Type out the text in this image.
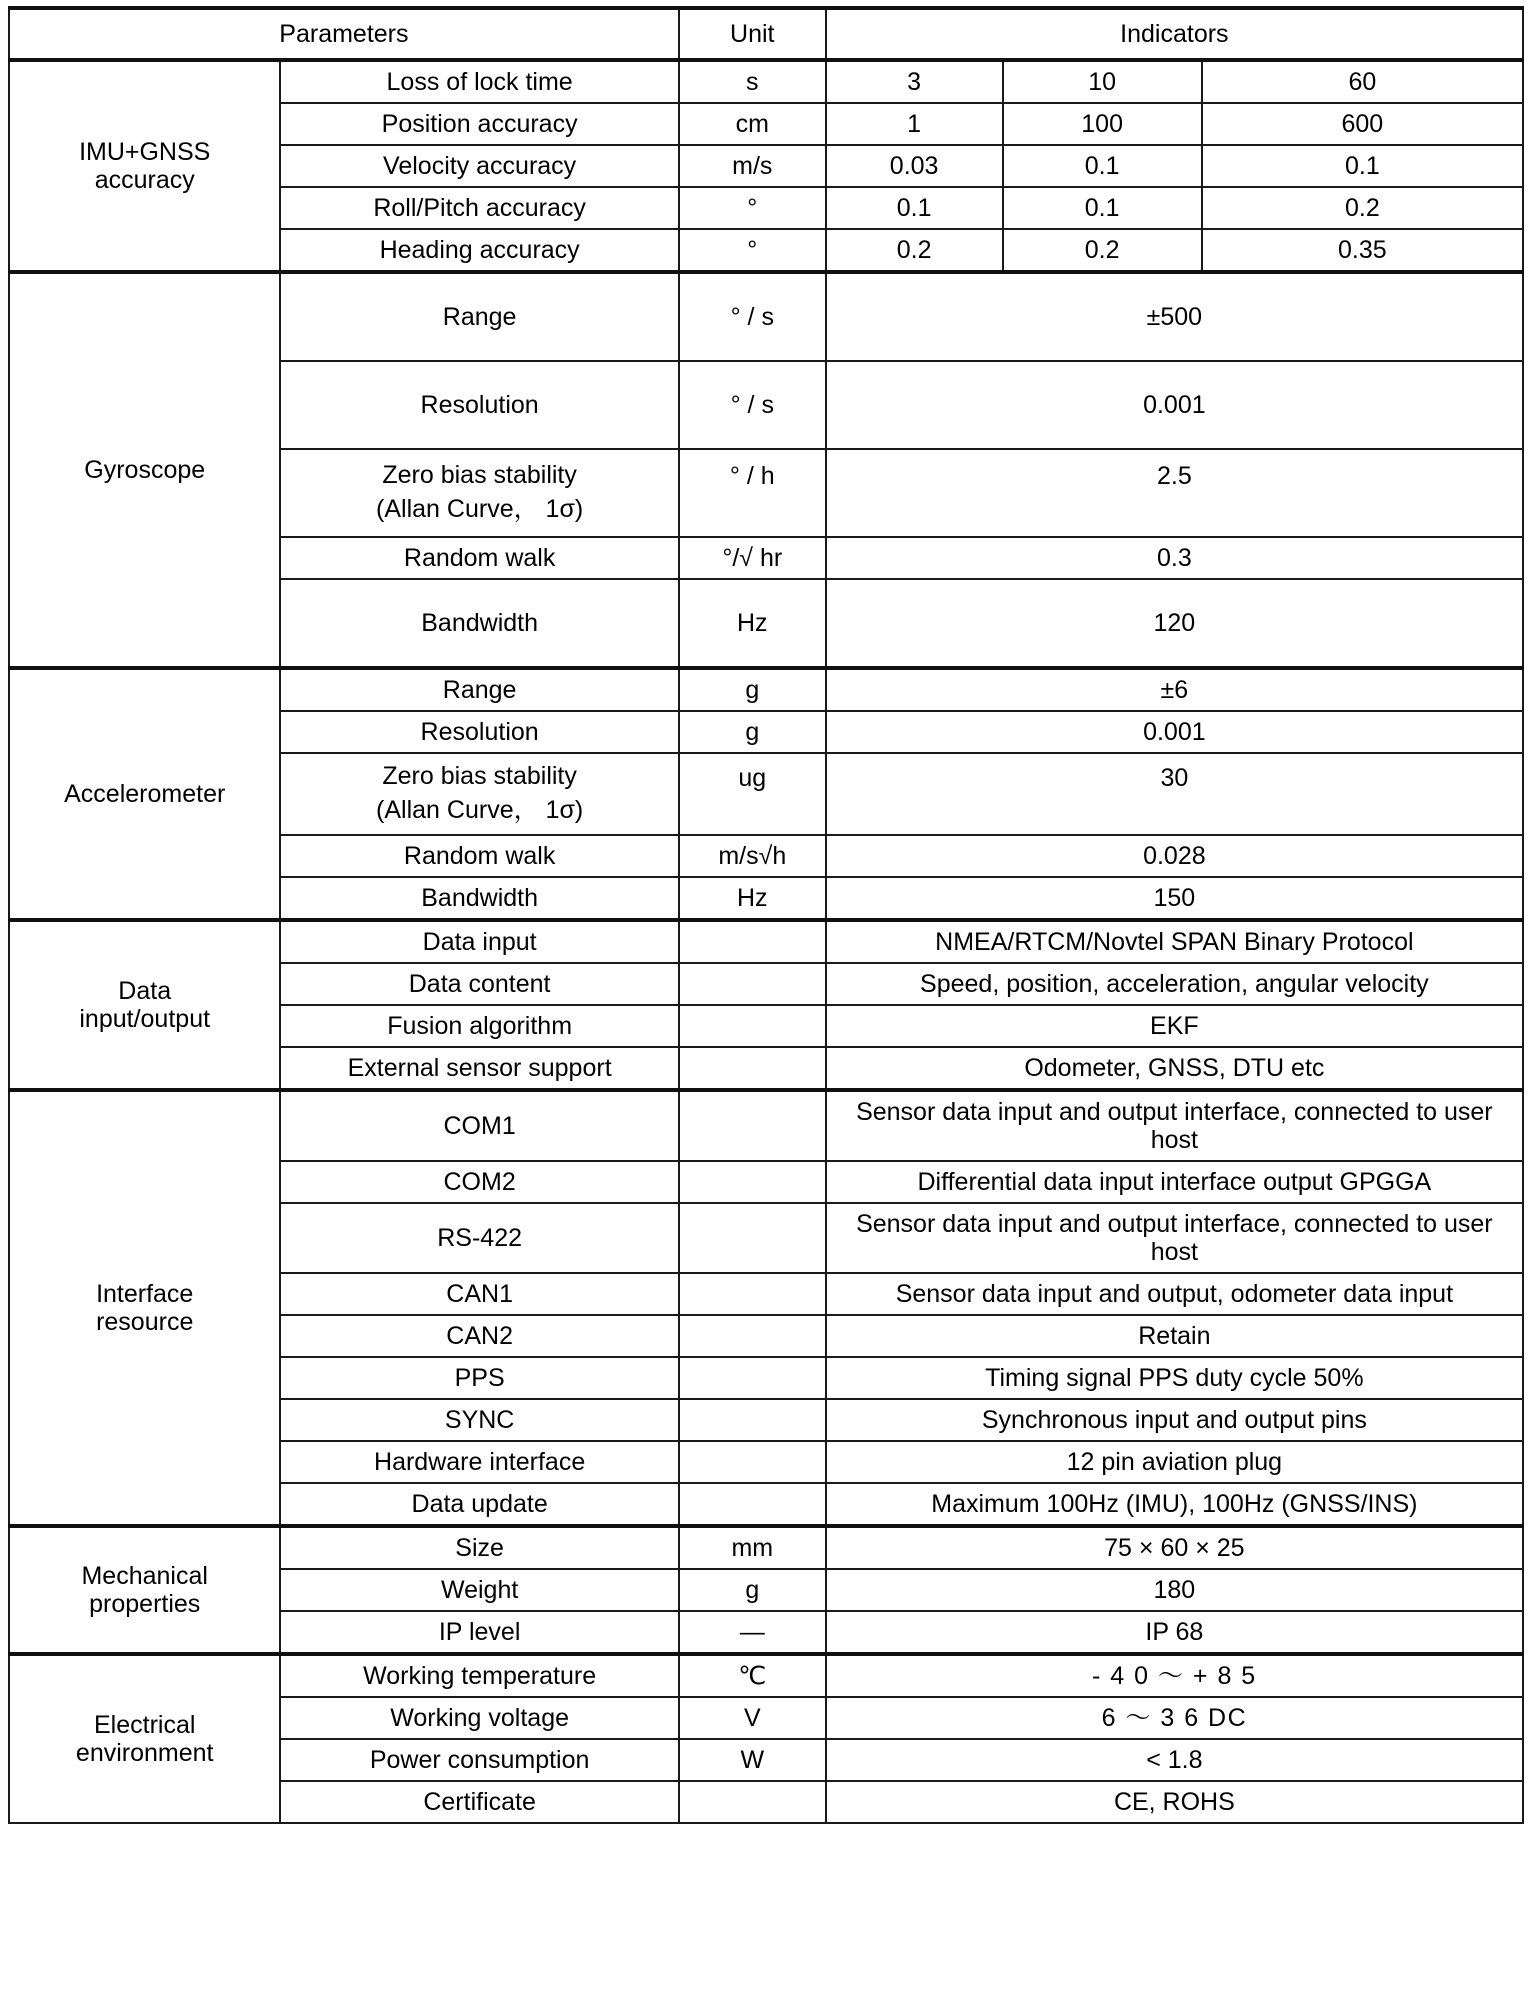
Parameters		Unit	Indicators		
IMU+GNSS
accuracy	Loss of lock time	s	3	10	60
	Position accuracy	cm	1	100	600
	Velocity accuracy	m/s	0.03	0.1	0.1
	Roll/Pitch accuracy	°	0.1	0.1	0.2
	Heading accuracy	°	0.2	0.2	0.35
Gyroscope	Range	° / s	±500		
	Resolution	° / s	0.001		
	Zero bias stability
(Allan Curve， 1σ)	° / h	2.5		
	Random walk	°/√ hr	0.3		
	Bandwidth	Hz	120		
Accelerometer	Range	g	±6		
	Resolution	g	0.001		
	Zero bias stability
(Allan Curve， 1σ)	ug	30		
	Random walk	m/s√h	0.028		
	Bandwidth	Hz	150		
Data
input/output	Data input		NMEA/RTCM/Novtel SPAN Binary Protocol		
	Data content		Speed, position, acceleration, angular velocity		
	Fusion algorithm		EKF		
	External sensor support		Odometer, GNSS, DTU etc		
Interface
resource	COM1		Sensor data input and output interface, connected to user host		
	COM2		Differential data input interface output GPGGA		
	RS-422		Sensor data input and output interface, connected to user host		
	CAN1		Sensor data input and output, odometer data input		
	CAN2		Retain		
	PPS		Timing signal PPS duty cycle 50%		
	SYNC		Synchronous input and output pins		
	Hardware interface		12 pin aviation plug		
	Data update		Maximum 100Hz (IMU), 100Hz (GNSS/INS)		
Mechanical
properties	Size	mm	75 × 60 × 25		
	Weight	g	180		
	IP level	—	IP 68		
Electrical
environment	Working temperature	℃	- 4 0 ～ + 8 5		
	Working voltage	V	6 ～ 3 6 DC		
	Power consumption	W	< 1.8		
	Certificate		CE, ROHS		
